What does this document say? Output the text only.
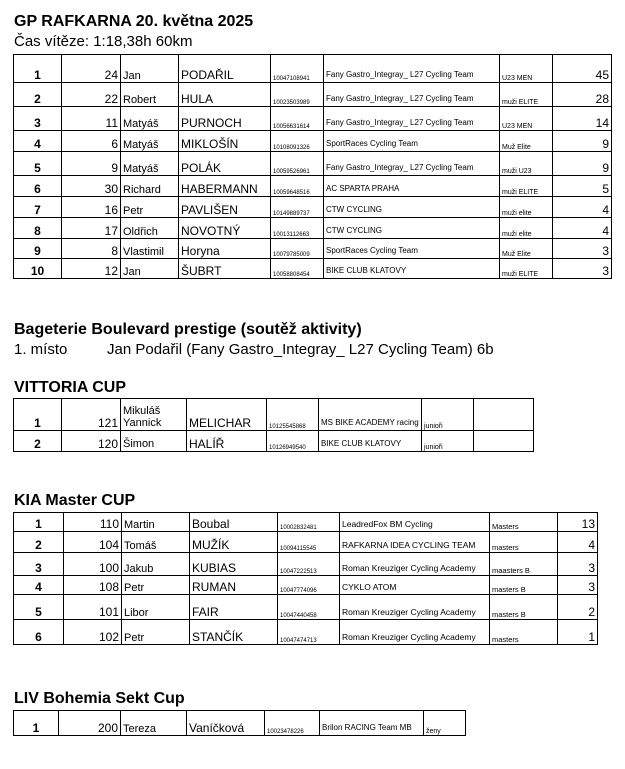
GP RAFKARNA 20. května 2025
Čas vítěze: 1:18,38h 60km
1	24	Jan	PODAŘIL	10047108941	Fany Gastro_Integray_ L27 Cycling Team	U23 MEN	45
2	22	Robert	HULA	10023503989	Fany Gastro_Integray_ L27 Cycling Team	muži ELITE	28
3	11	Matyáš	PURNOCH	10056631614	Fany Gastro_Integray_ L27 Cycling Team	U23 MEN	14
4	6	Matyáš	MIKLOŠÍN	10108091326	SportRaces Cycling Team	Muž Elite	9
5	9	Matyáš	POLÁK	10059526961	Fany Gastro_Integray_ L27 Cycling Team	muži U23	9
6	30	Richard	HABERMANN	10059648516	AC SPARTA PRAHA	muži ELITE	5
7	16	Petr	PAVLIŠEN	10149889737	CTW CYCLING	muži elite	4
8	17	Oldřich	NOVOTNÝ	10013112663	CTW CYCLING	muži elite	4
9	8	Vlastimil	Horyna	10079785009	SportRaces Cycling Team	Muž Elite	3
10	12	Jan	ŠUBRT	10058808454	BIKE CLUB KLATOVY	muži ELITE	3
Bageterie Boulevard prestige (soutěž aktivity)
1. místo	Jan Podařil (Fany Gastro_Integray_ L27 Cycling Team) 6b
VITTORIA CUP
1	121	Mikuláš Yannick	MELICHAR	10125545868	MS BIKE ACADEMY racing	junioři	
2	120	Šimon	HALÍŘ	10126949540	BIKE CLUB KLATOVY	junioři	
KIA Master CUP
1	110	Martin	Boubal	10002832481	LeadredFox BM Cycling	Masters	13
2	104	Tomáš	MUŽÍK	10094115545	RAFKARNA IDEA CYCLING TEAM	masters	4
3	100	Jakub	KUBIAS	10047222513	Roman Kreuziger Cycling Academy	maasters B	3
4	108	Petr	RUMAN	10047774096	CYKLO ATOM	masters B	3
5	101	Libor	FAIR	10047440458	Roman Kreuziger Cycling Academy	masters B	2
6	102	Petr	STANČÍK	10047474713	Roman Kreuziger Cycling Academy	masters	1
LIV Bohemia Sekt Cup
1	200	Tereza	Vaníčková	10023478226	Brilon RACING Team MB	ženy
